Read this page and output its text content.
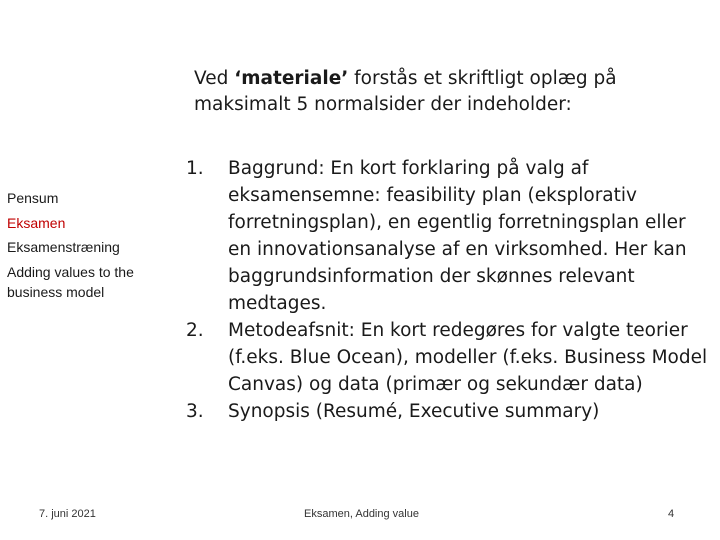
Ved ‘materiale’ forstås et skriftligt oplæg på maksimalt 5 normalsider der indeholder:
Pensum
Eksamen
Eksamenstræning
Adding values to the business model
1. Baggrund: En kort forklaring på valg af eksamensemne: feasibility plan (eksplorativ forretningsplan), en egentlig forretningsplan eller en innovationsanalyse af en virksomhed. Her kan baggrundsinformation der skønnes relevant medtages.
2. Metodeafsnit: En kort redegøres for valgte teorier (f.eks. Blue Ocean), modeller (f.eks. Business Model Canvas) og data (primær og sekundær data)
3. Synopsis (Resumé, Executive summary)
7. juni 2021	Eksamen, Adding value	4
